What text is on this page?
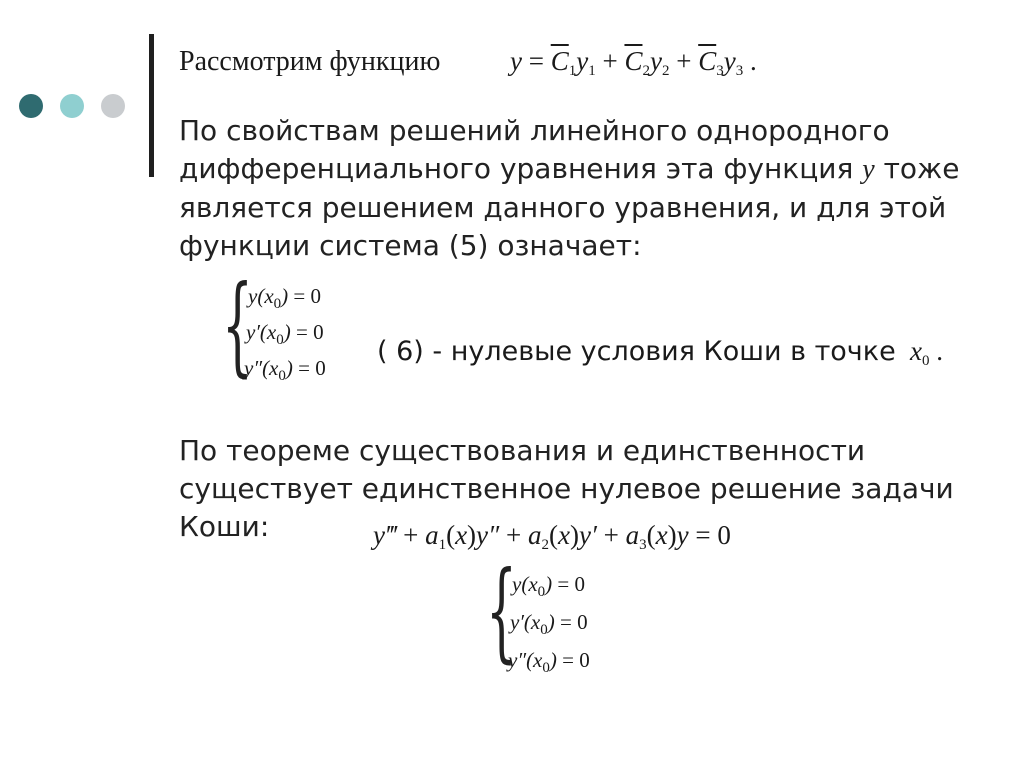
Рассмотрим функцию	$y = \overline{C}_1y_1 + \overline{C}_2y_2 + \overline{C}_3y_3$ .
По свойствам решений линейного однородного
дифференциального уравнения эта функция y тоже
является решением данного уравнения, и для этой
функции система (5) означает:
{
$y(x_0) = 0$
$y'(x_0) = 0$
$y''(x_0) = 0$
( 6) - нулевые условия Коши в точке $x_0$ .
По теореме существования и единственности
существует единственное нулевое решение задачи
Коши:	y‴ + $a_1(x)y'' + a_2(x)y' + a_3(x)y = 0$
{
$y(x_0) = 0$
$y'(x_0) = 0$
$y''(x_0) = 0$
